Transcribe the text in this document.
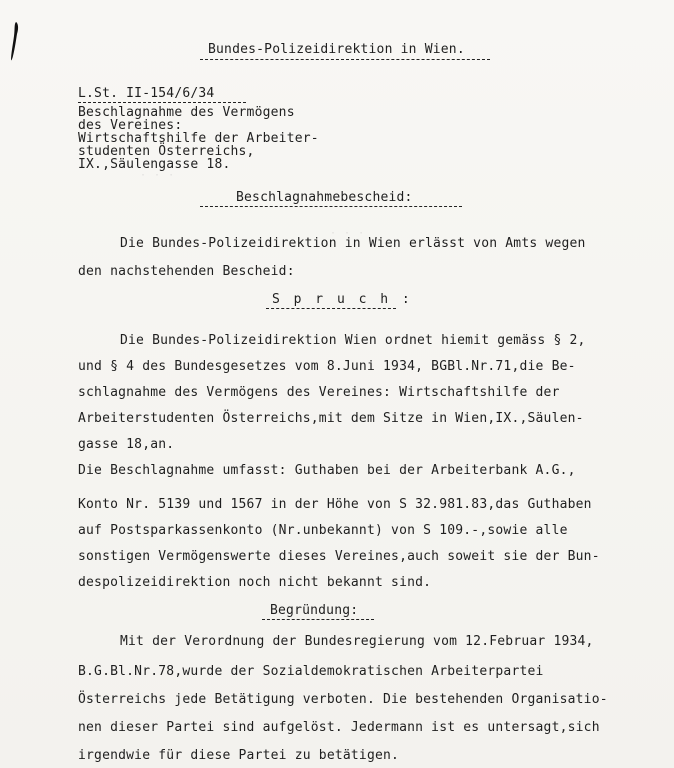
· · ·
· · ·
Bundes-Polizeidirektion in Wien.
L.St. II-154/6/34
Beschlagnahme des Vermögens
des Vereines:
Wirtschaftshilfe der Arbeiter-
studenten Österreichs,
IX.,Säulengasse 18.
Beschlagnahmebescheid:
Die Bundes-Polizeidirektion in Wien erlässt von Amts wegen
den nachstehenden Bescheid:
S p r u c h :
Die Bundes-Polizeidirektion Wien ordnet hiemit gemäss § 2,
und § 4 des Bundesgesetzes vom 8.Juni 1934, BGBl.Nr.71,die Be-
schlagnahme des Vermögens des Vereines: Wirtschaftshilfe der
Arbeiterstudenten Österreichs,mit dem Sitze in Wien,IX.,Säulen-
gasse 18,an.
Die Beschlagnahme umfasst: Guthaben bei der Arbeiterbank A.G.,
Konto Nr. 5139 und 1567 in der Höhe von S 32.981.83,das Guthaben
auf Postsparkassenkonto (Nr.unbekannt) von S 109.-,sowie alle
sonstigen Vermögenswerte dieses Vereines,auch soweit sie der Bun-
despolizeidirektion noch nicht bekannt sind.
Begründung:
Mit der Verordnung der Bundesregierung vom 12.Februar 1934,
B.G.Bl.Nr.78,wurde der Sozialdemokratischen Arbeiterpartei
Österreichs jede Betätigung verboten. Die bestehenden Organisatio-
nen dieser Partei sind aufgelöst. Jedermann ist es untersagt,sich
irgendwie für diese Partei zu betätigen.
